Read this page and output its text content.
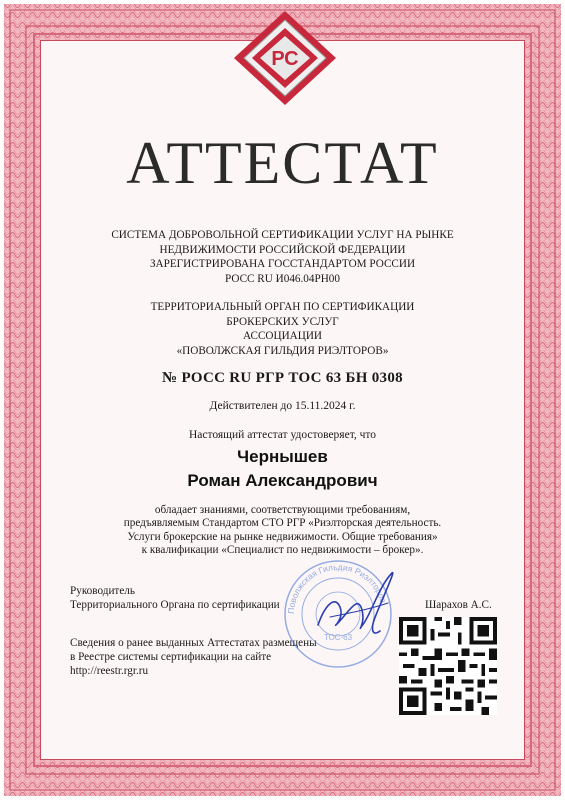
РС
АТТЕСТАТ
СИСТЕМА ДОБРОВОЛЬНОЙ СЕРТИФИКАЦИИ УСЛУГ НА РЫНКЕ
НЕДВИЖИМОСТИ РОССИЙСКОЙ ФЕДЕРАЦИИ
ЗАРЕГИСТРИРОВАНА ГОССТАНДАРТОМ РОССИИ
РОСС RU И046.04РН00
ТЕРРИТОРИАЛЬНЫЙ ОРГАН ПО СЕРТИФИКАЦИИ
БРОКЕРСКИХ УСЛУГ
АССОЦИАЦИИ
«ПОВОЛЖСКАЯ ГИЛЬДИЯ РИЭЛТОРОВ»
№ РОСС RU РГР ТОС 63 БН 0308
Действителен до 15.11.2024 г.
Настоящий аттестат удостоверяет, что
Чернышев
Роман Александрович
обладает знаниями, соответствующими требованиям,
предъявляемым Стандартом СТО РГР «Риэлторская деятельность.
Услуги брокерские на рынке недвижимости. Общие требования»
к квалификации «Специалист по недвижимости – брокер».
Руководитель
Территориального Органа по сертификации	Шарахов А.С.
Сведения о ранее выданных Аттестатах размещены
в Реестре системы сертификации на сайте
http://reestr.rgr.ru
Поволжская Гильдия Риэлторов
ТОС-63
